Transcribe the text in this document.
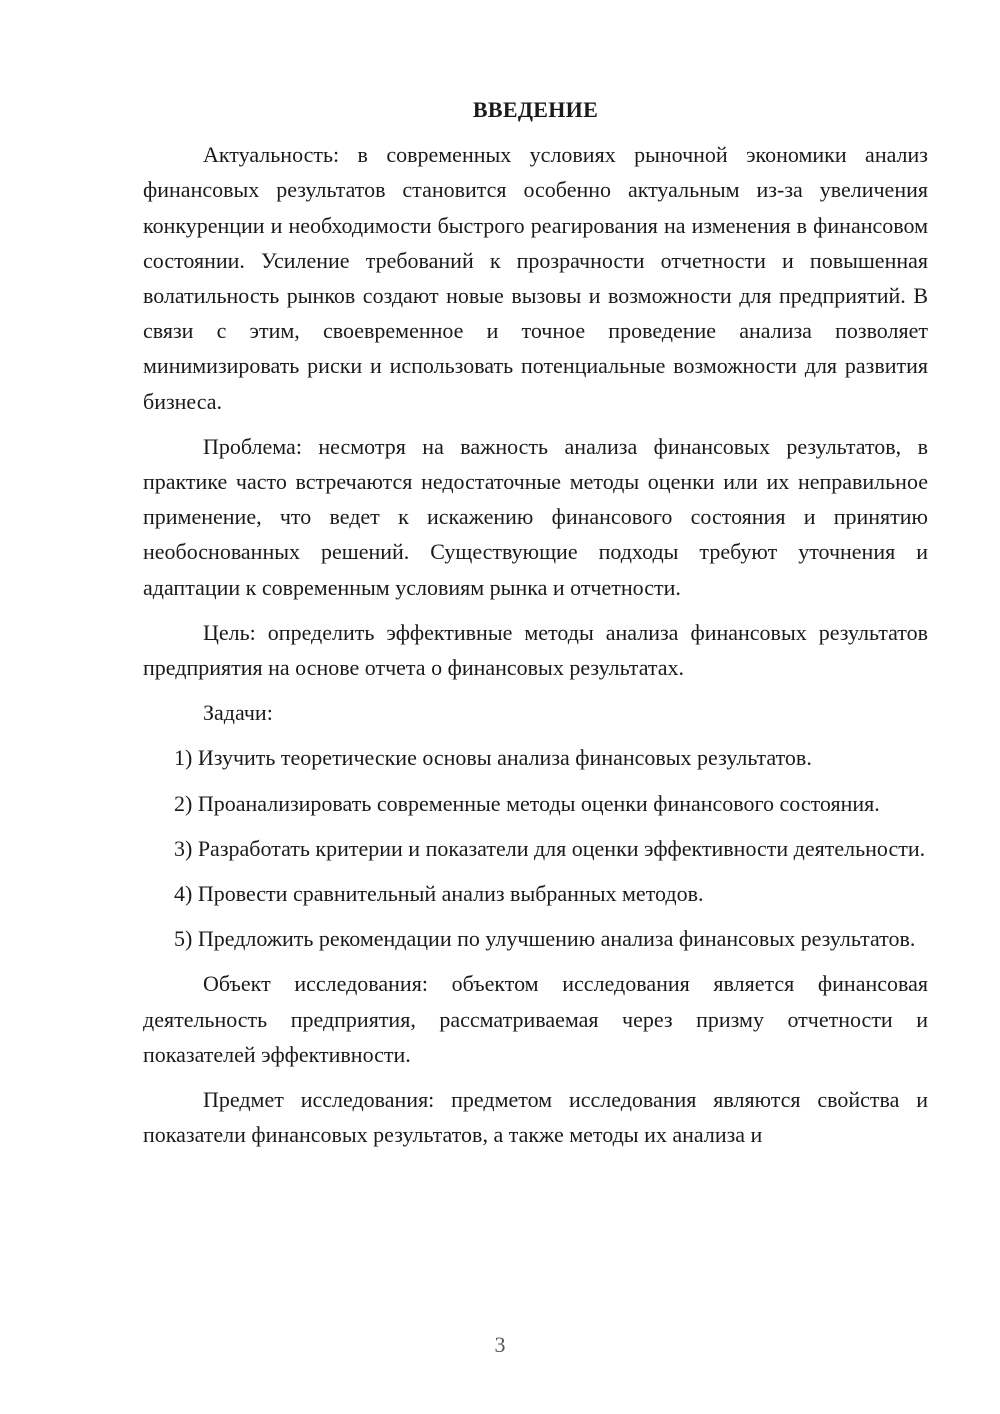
ВВЕДЕНИЕ

Актуальность: в современных условиях рыночной экономики анализ финансовых результатов становится особенно актуальным из-за увеличения конкуренции и необходимости быстрого реагирования на изменения в финансовом состоянии. Усиление требований к прозрачности отчетности и повышенная волатильность рынков создают новые вызовы и возможности для предприятий. В связи с этим, своевременное и точное проведение анализа позволяет минимизировать риски и использовать потенциальные возможности для развития бизнеса.

Проблема: несмотря на важность анализа финансовых результатов, в практике часто встречаются недостаточные методы оценки или их неправильное применение, что ведет к искажению финансового состояния и принятию необоснованных решений. Существующие подходы требуют уточнения и адаптации к современным условиям рынка и отчетности.

Цель: определить эффективные методы анализа финансовых результатов предприятия на основе отчета о финансовых результатах.

Задачи:

1) Изучить теоретические основы анализа финансовых результатов.

2) Проанализировать современные методы оценки финансового состояния.

3) Разработать критерии и показатели для оценки эффективности деятельности.

4) Провести сравнительный анализ выбранных методов.

5) Предложить рекомендации по улучшению анализа финансовых результатов.

Объект исследования: объектом исследования является финансовая деятельность предприятия, рассматриваемая через призму отчетности и показателей эффективности.

Предмет исследования: предметом исследования являются свойства и показатели финансовых результатов, а также методы их анализа и

3
